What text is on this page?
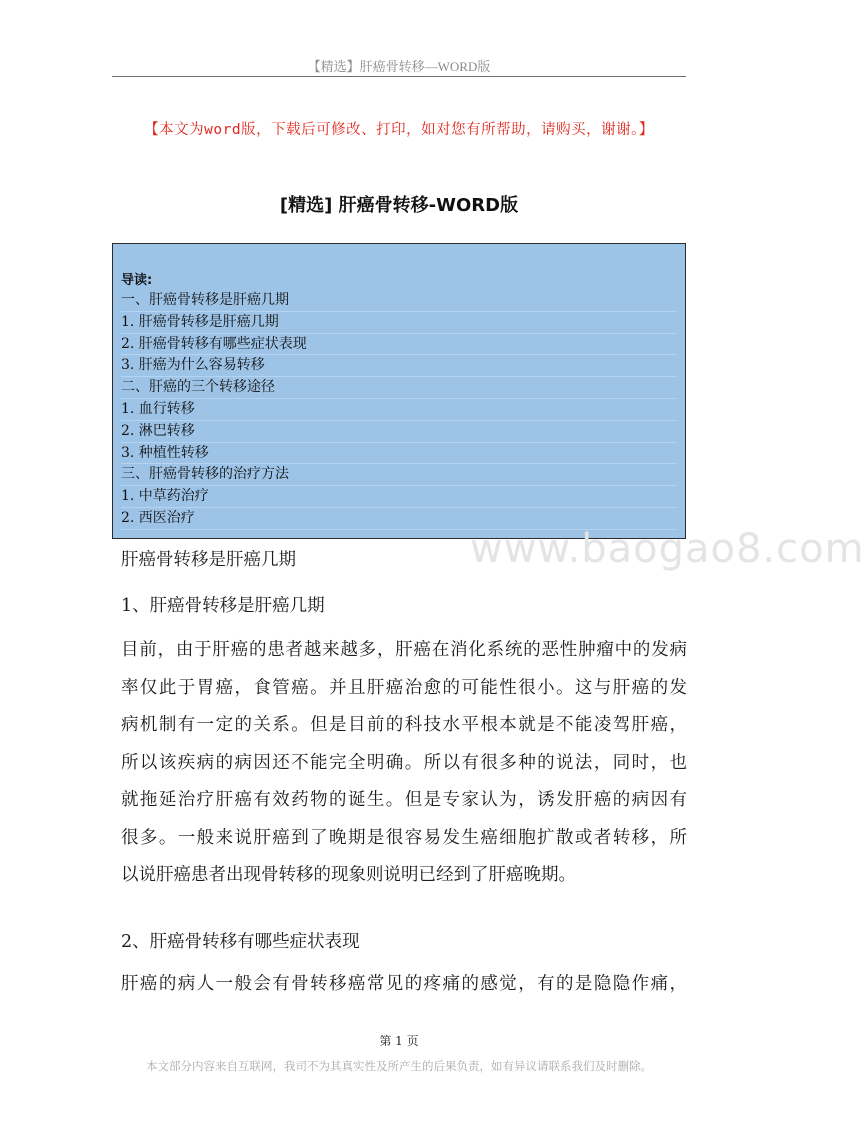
【精选】肝癌骨转移—WORD版
【本文为word版，下载后可修改、打印，如对您有所帮助，请购买，谢谢。】
[精选] 肝癌骨转移-WORD版
导读:
一、肝癌骨转移是肝癌几期
1. 肝癌骨转移是肝癌几期
2. 肝癌骨转移有哪些症状表现
3. 肝癌为什么容易转移
二、肝癌的三个转移途径
1. 血行转移
2. 淋巴转移
3. 种植性转移
三、肝癌骨转移的治疗方法
1. 中草药治疗
2. 西医治疗
www.baogao8.com
肝癌骨转移是肝癌几期
1、肝癌骨转移是肝癌几期
目前，由于肝癌的患者越来越多，肝癌在消化系统的恶性肿瘤中的发病
率仅此于胃癌，食管癌。并且肝癌治愈的可能性很小。这与肝癌的发
病机制有一定的关系。但是目前的科技水平根本就是不能凌驾肝癌，
所以该疾病的病因还不能完全明确。所以有很多种的说法，同时，也
就拖延治疗肝癌有效药物的诞生。但是专家认为，诱发肝癌的病因有
很多。一般来说肝癌到了晚期是很容易发生癌细胞扩散或者转移，所
以说肝癌患者出现骨转移的现象则说明已经到了肝癌晚期。
2、肝癌骨转移有哪些症状表现
肝癌的病人一般会有骨转移癌常见的疼痛的感觉，有的是隐隐作痛，
第 1 页
本文部分内容来自互联网，我司不为其真实性及所产生的后果负责，如有异议请联系我们及时删除。
